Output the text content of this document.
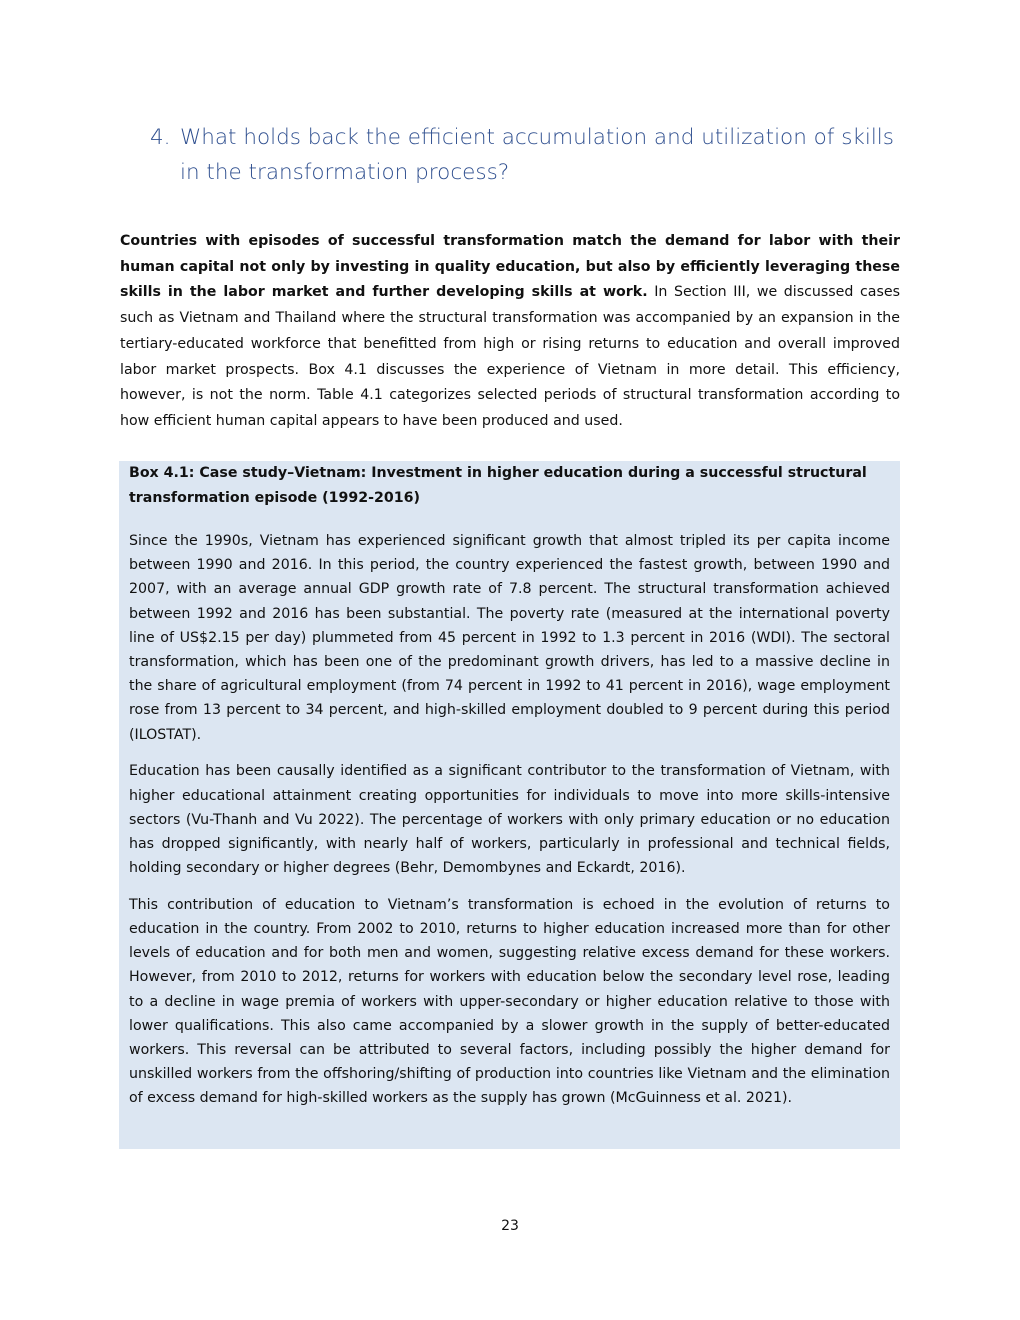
4. What holds back the efficient accumulation and utilization of skills in the transformation process?

Countries with episodes of successful transformation match the demand for labor with their human capital not only by investing in quality education, but also by efficiently leveraging these skills in the labor market and further developing skills at work. In Section III, we discussed cases such as Vietnam and Thailand where the structural transformation was accompanied by an expansion in the tertiary-educated workforce that benefitted from high or rising returns to education and overall improved labor market prospects. Box 4.1 discusses the experience of Vietnam in more detail. This efficiency, however, is not the norm. Table 4.1 categorizes selected periods of structural transformation according to how efficient human capital appears to have been produced and used.

Box 4.1: Case study–Vietnam: Investment in higher education during a successful structural transformation episode (1992-2016)

Since the 1990s, Vietnam has experienced significant growth that almost tripled its per capita income between 1990 and 2016. In this period, the country experienced the fastest growth, between 1990 and 2007, with an average annual GDP growth rate of 7.8 percent. The structural transformation achieved between 1992 and 2016 has been substantial. The poverty rate (measured at the international poverty line of US$2.15 per day) plummeted from 45 percent in 1992 to 1.3 percent in 2016 (WDI). The sectoral transformation, which has been one of the predominant growth drivers, has led to a massive decline in the share of agricultural employment (from 74 percent in 1992 to 41 percent in 2016), wage employment rose from 13 percent to 34 percent, and high-skilled employment doubled to 9 percent during this period (ILOSTAT).

Education has been causally identified as a significant contributor to the transformation of Vietnam, with higher educational attainment creating opportunities for individuals to move into more skills-intensive sectors (Vu-Thanh and Vu 2022). The percentage of workers with only primary education or no education has dropped significantly, with nearly half of workers, particularly in professional and technical fields, holding secondary or higher degrees (Behr, Demombynes and Eckardt, 2016).

This contribution of education to Vietnam’s transformation is echoed in the evolution of returns to education in the country. From 2002 to 2010, returns to higher education increased more than for other levels of education and for both men and women, suggesting relative excess demand for these workers. However, from 2010 to 2012, returns for workers with education below the secondary level rose, leading to a decline in wage premia of workers with upper-secondary or higher education relative to those with lower qualifications. This also came accompanied by a slower growth in the supply of better-educated workers. This reversal can be attributed to several factors, including possibly the higher demand for unskilled workers from the offshoring/shifting of production into countries like Vietnam and the elimination of excess demand for high-skilled workers as the supply has grown (McGuinness et al. 2021).

23
